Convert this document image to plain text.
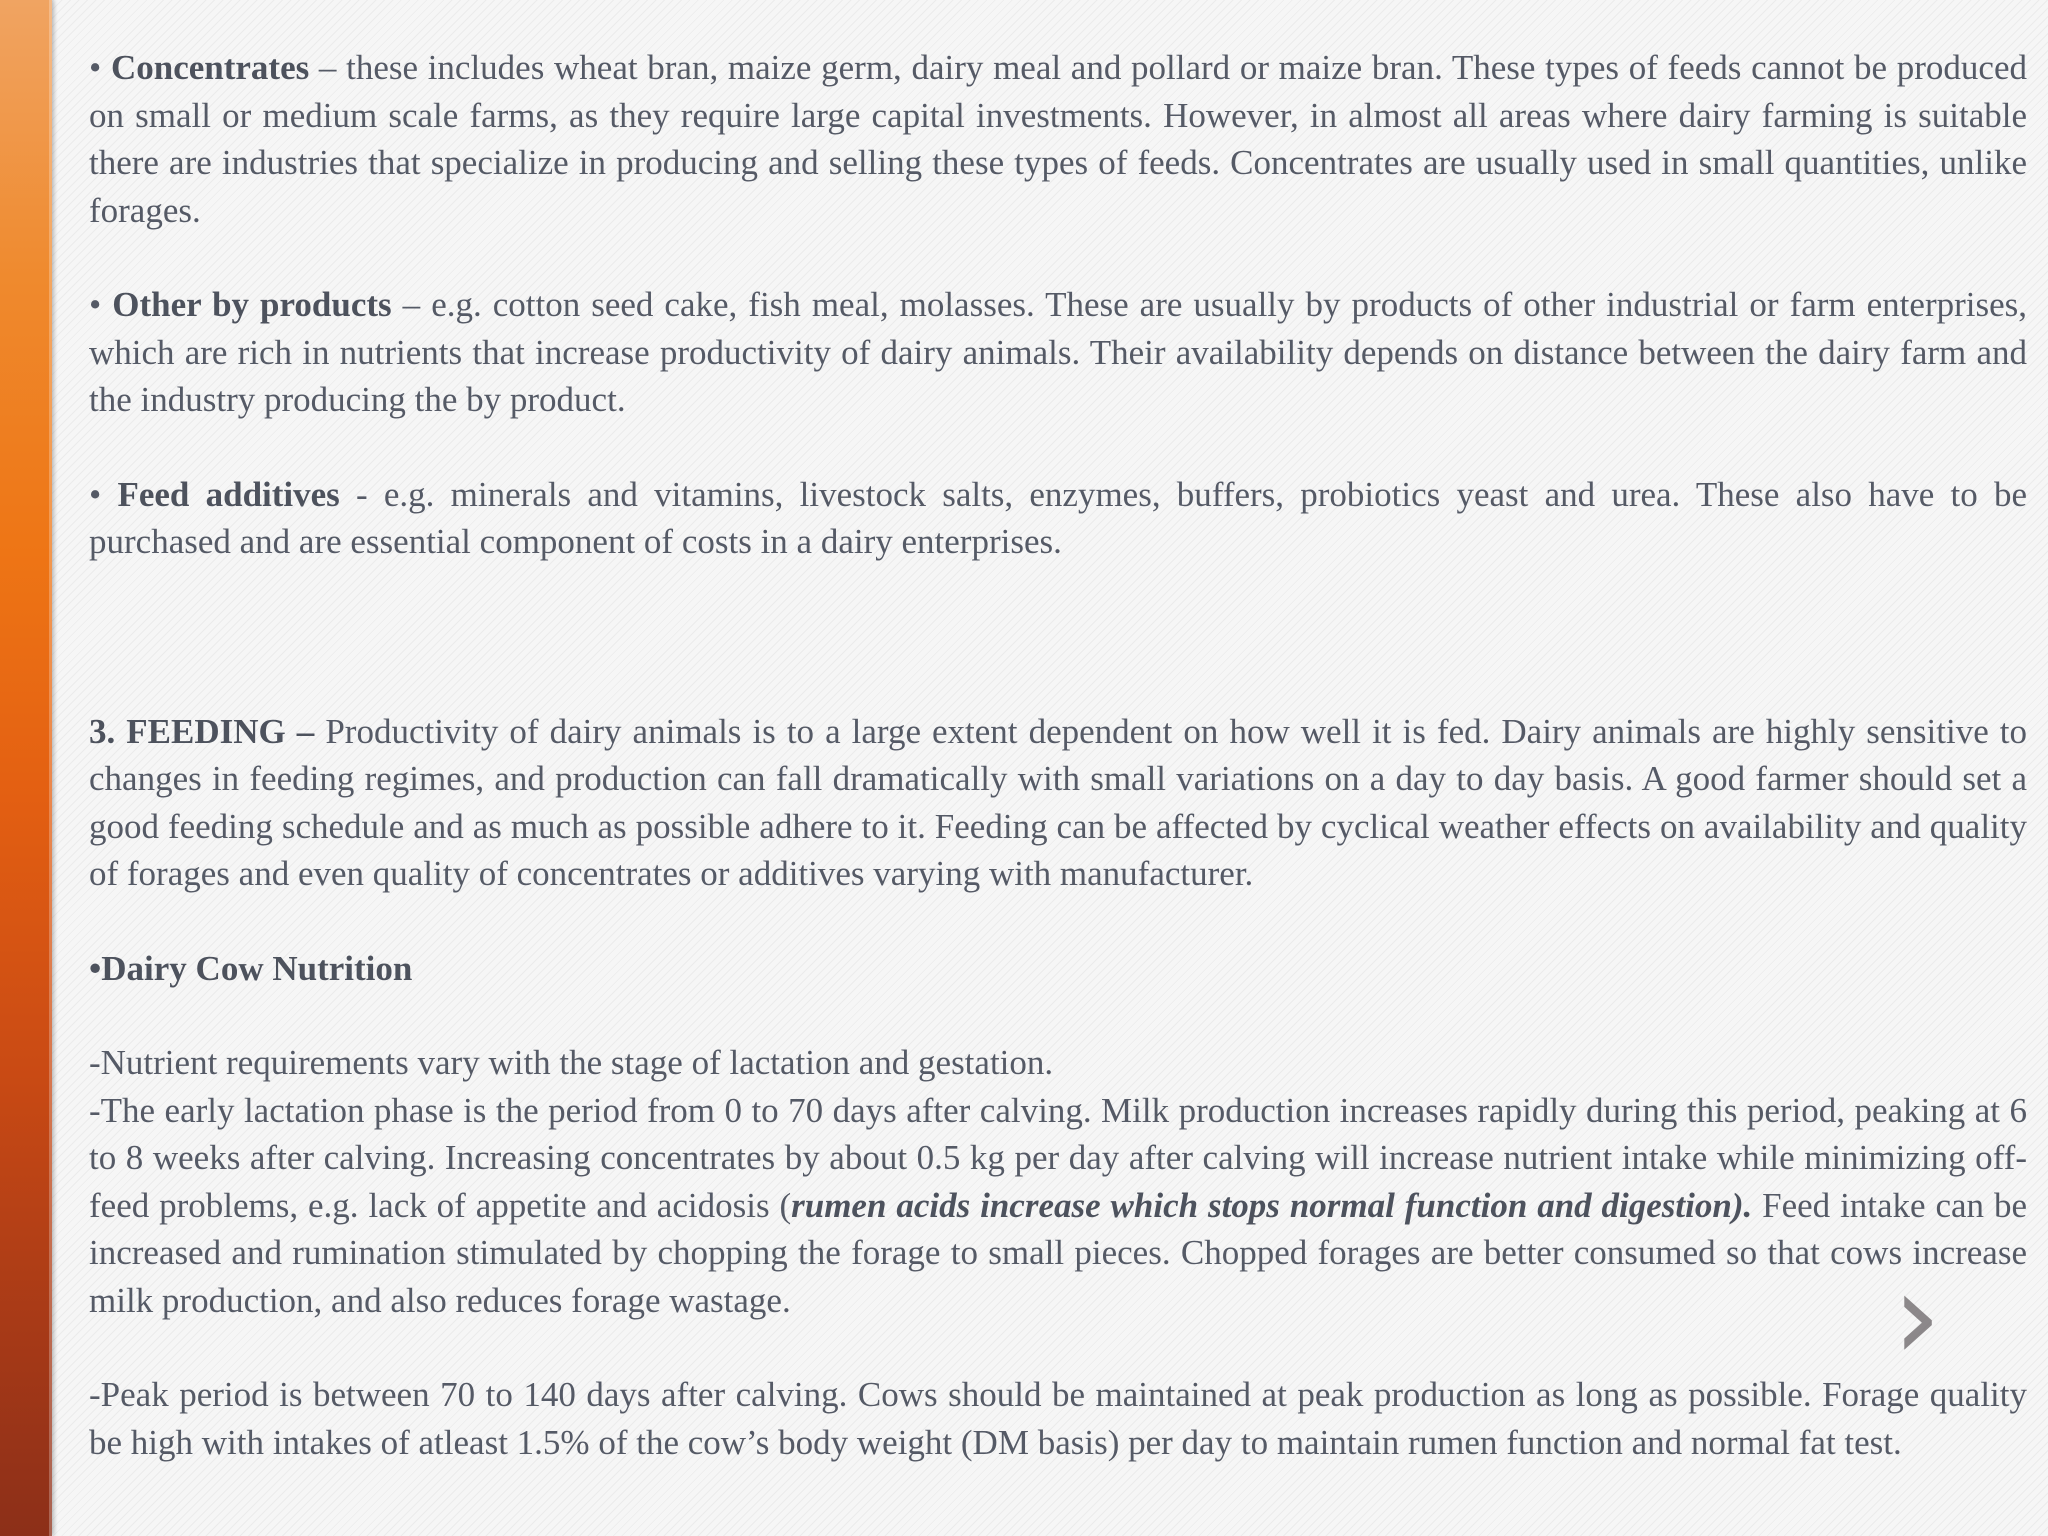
• Concentrates – these includes wheat bran, maize germ, dairy meal and pollard or maize bran. These types of feeds cannot be produced on small or medium scale farms, as they require large capital investments. However, in almost all areas where dairy farming is suitable there are industries that specialize in producing and selling these types of feeds. Concentrates are usually used in small quantities, unlike forages.

• Other by products – e.g. cotton seed cake, fish meal, molasses. These are usually by products of other industrial or farm enterprises, which are rich in nutrients that increase productivity of dairy animals. Their availability depends on distance between the dairy farm and the industry producing the by product.

• Feed additives - e.g. minerals and vitamins, livestock salts, enzymes, buffers, probiotics yeast and urea. These also have to be purchased and are essential component of costs in a dairy enterprises.

3. FEEDING – Productivity of dairy animals is to a large extent dependent on how well it is fed. Dairy animals are highly sensitive to changes in feeding regimes, and production can fall dramatically with small variations on a day to day basis. A good farmer should set a good feeding schedule and as much as possible adhere to it. Feeding can be affected by cyclical weather effects on availability and quality of forages and even quality of concentrates or additives varying with manufacturer.

•Dairy Cow Nutrition

-Nutrient requirements vary with the stage of lactation and gestation.

-The early lactation phase is the period from 0 to 70 days after calving. Milk production increases rapidly during this period, peaking at 6 to 8 weeks after calving. Increasing concentrates by about 0.5 kg per day after calving will increase nutrient intake while minimizing off-feed problems, e.g. lack of appetite and acidosis (rumen acids increase which stops normal function and digestion). Feed intake can be increased and rumination stimulated by chopping the forage to small pieces. Chopped forages are better consumed so that cows increase milk production, and also reduces forage wastage.

-Peak period is between 70 to 140 days after calving. Cows should be maintained at peak production as long as possible. Forage quality be high with intakes of atleast 1.5% of the cow’s body weight (DM basis) per day to maintain rumen function and normal fat test.

›
